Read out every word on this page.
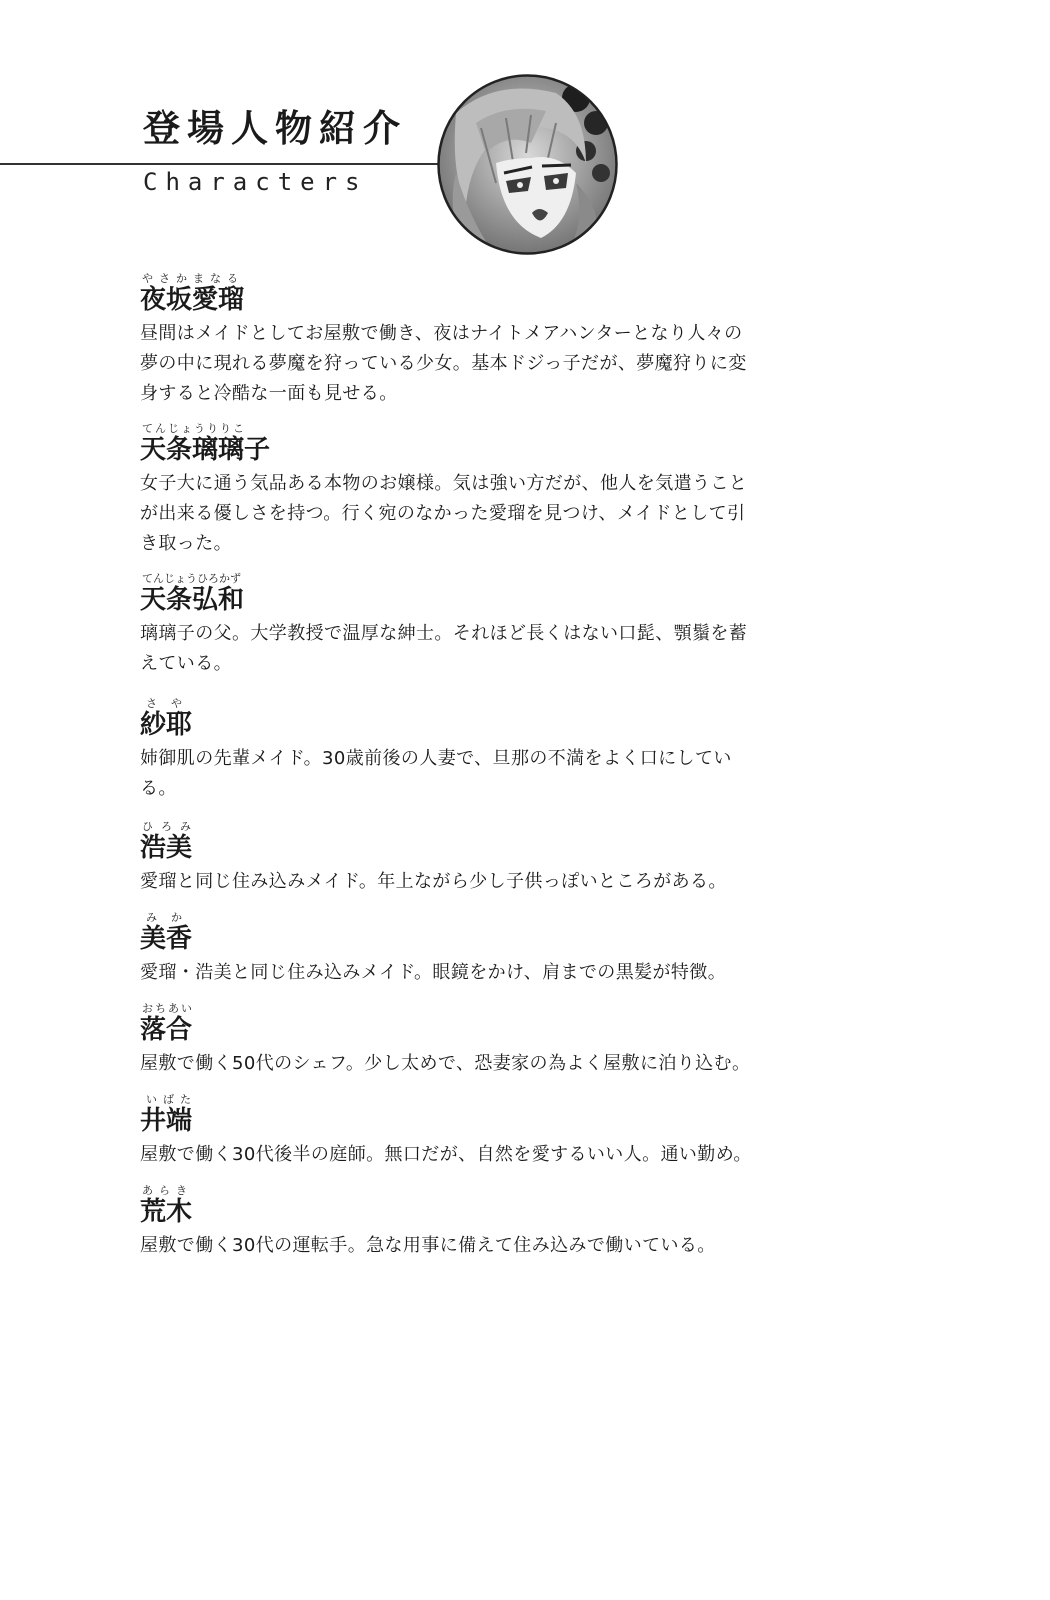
登場人物紹介
Characters
やさかまなる
夜坂愛瑠
昼間はメイドとしてお屋敷で働き、夜はナイトメアハンターとなり人々の
夢の中に現れる夢魔を狩っている少女。基本ドジっ子だが、夢魔狩りに変
身すると冷酷な一面も見せる。
てんじょうりりこ
天条璃璃子
女子大に通う気品ある本物のお嬢様。気は強い方だが、他人を気遣うこと
が出来る優しさを持つ。行く宛のなかった愛瑠を見つけ、メイドとして引
き取った。
てんじょうひろかず
天条弘和
璃璃子の父。大学教授で温厚な紳士。それほど長くはない口髭、顎鬚を蓄
えている。
さや
紗耶
姉御肌の先輩メイド。30歳前後の人妻で、旦那の不満をよく口にしてい
る。
ひろみ
浩美
愛瑠と同じ住み込みメイド。年上ながら少し子供っぽいところがある。
みか
美香
愛瑠・浩美と同じ住み込みメイド。眼鏡をかけ、肩までの黒髪が特徴。
おちあい
落合
屋敷で働く50代のシェフ。少し太めで、恐妻家の為よく屋敷に泊り込む。
いばた
井端
屋敷で働く30代後半の庭師。無口だが、自然を愛するいい人。通い勤め。
あらき
荒木
屋敷で働く30代の運転手。急な用事に備えて住み込みで働いている。
